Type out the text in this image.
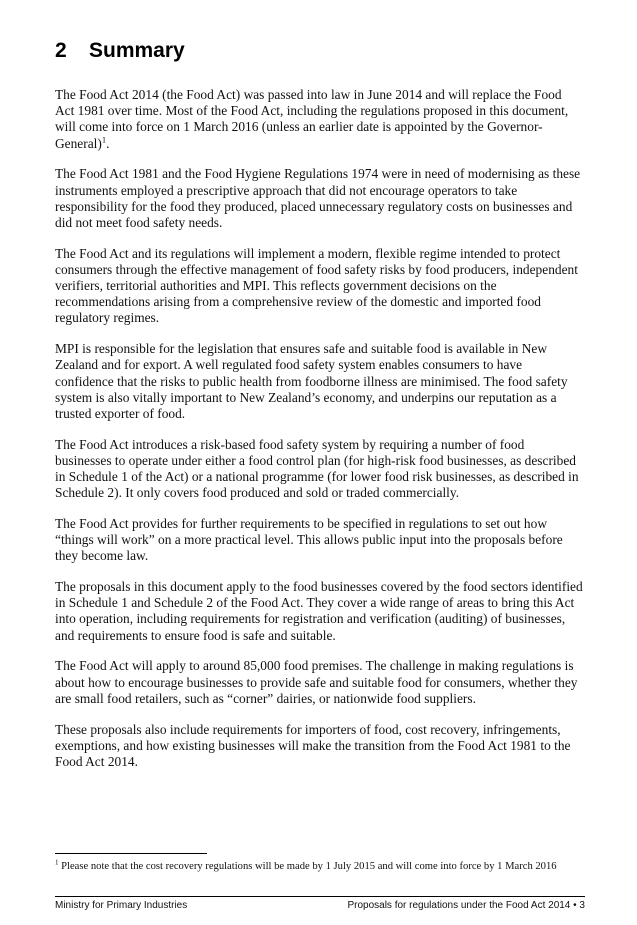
2 Summary

The Food Act 2014 (the Food Act) was passed into law in June 2014 and will replace the Food Act 1981 over time. Most of the Food Act, including the regulations proposed in this document, will come into force on 1 March 2016 (unless an earlier date is appointed by the Governor- General)$^1$.

The Food Act 1981 and the Food Hygiene Regulations 1974 were in need of modernising as these instruments employed a prescriptive approach that did not encourage operators to take responsibility for the food they produced, placed unnecessary regulatory costs on businesses and did not meet food safety needs.

The Food Act and its regulations will implement a modern, flexible regime intended to protect consumers through the effective management of food safety risks by food producers, independent verifiers, territorial authorities and MPI. This reflects government decisions on the recommendations arising from a comprehensive review of the domestic and imported food regulatory regimes.

MPI is responsible for the legislation that ensures safe and suitable food is available in New Zealand and for export. A well regulated food safety system enables consumers to have confidence that the risks to public health from foodborne illness are minimised. The food safety system is also vitally important to New Zealand’s economy, and underpins our reputation as a trusted exporter of food.

The Food Act introduces a risk-based food safety system by requiring a number of food businesses to operate under either a food control plan (for high-risk food businesses, as described in Schedule 1 of the Act) or a national programme (for lower food risk businesses, as described in Schedule 2). It only covers food produced and sold or traded commercially.

The Food Act provides for further requirements to be specified in regulations to set out how “things will work” on a more practical level. This allows public input into the proposals before they become law.

The proposals in this document apply to the food businesses covered by the food sectors identified in Schedule 1 and Schedule 2 of the Food Act. They cover a wide range of areas to bring this Act into operation, including requirements for registration and verification (auditing) of businesses, and requirements to ensure food is safe and suitable.

The Food Act will apply to around 85,000 food premises. The challenge in making regulations is about how to encourage businesses to provide safe and suitable food for consumers, whether they are small food retailers, such as “corner” dairies, or nationwide food suppliers.

These proposals also include requirements for importers of food, cost recovery, infringements, exemptions, and how existing businesses will make the transition from the Food Act 1981 to the Food Act 2014.

$^1$ Please note that the cost recovery regulations will be made by 1 July 2015 and will come into force by 1 March 2016

Ministry for Primary Industries	Proposals for regulations under the Food Act 2014 • 3
